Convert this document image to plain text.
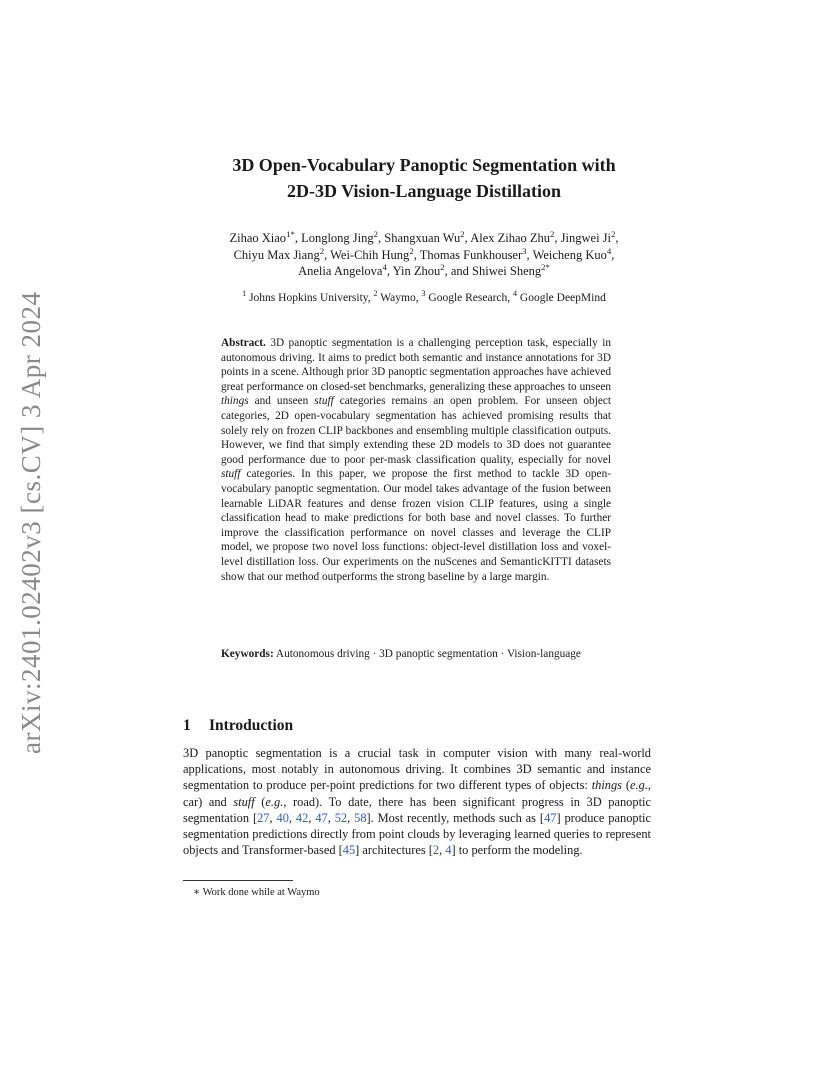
arXiv:2401.02402v3 [cs.CV] 3 Apr 2024
3D Open-Vocabulary Panoptic Segmentation with
2D-3D Vision-Language Distillation
Zihao Xiao$^{1*}$, Longlong Jing$^2$, Shangxuan Wu$^2$, Alex Zihao Zhu$^2$, Jingwei Ji$^2$,
Chiyu Max Jiang$^2$, Wei-Chih Hung$^2$, Thomas Funkhouser$^3$, Weicheng Kuo$^4$,
Anelia Angelova$^4$, Yin Zhou$^2$, and Shiwei Sheng$^{2*}$
$^1$ Johns Hopkins University, $^2$ Waymo, $^3$ Google Research, $^4$ Google DeepMind
Abstract. 3D panoptic segmentation is a challenging perception task, especially in autonomous driving. It aims to predict both semantic and instance annotations for 3D points in a scene. Although prior 3D panoptic segmentation approaches have achieved great performance on closed-set benchmarks, generalizing these approaches to unseen things and unseen stuff categories remains an open problem. For unseen object categories, 2D open-vocabulary segmentation has achieved promising results that solely rely on frozen CLIP backbones and ensembling multiple classification outputs. However, we find that simply extending these 2D models to 3D does not guarantee good performance due to poor per-mask classification quality, especially for novel stuff categories. In this paper, we propose the first method to tackle 3D open-vocabulary panoptic segmentation. Our model takes advantage of the fusion between learnable LiDAR features and dense frozen vision CLIP features, using a single classification head to make predictions for both base and novel classes. To further improve the classification performance on novel classes and leverage the CLIP model, we propose two novel loss functions: object-level distillation loss and voxel-level distillation loss. Our experiments on the nuScenes and SemanticKITTI datasets show that our method outperforms the strong baseline by a large margin.
Keywords: Autonomous driving · 3D panoptic segmentation · Vision-language
1 Introduction
3D panoptic segmentation is a crucial task in computer vision with many real-world applications, most notably in autonomous driving. It combines 3D semantic and instance segmentation to produce per-point predictions for two different types of objects: things (e.g., car) and stuff (e.g., road). To date, there has been significant progress in 3D panoptic segmentation [27, 40, 42, 47, 52, 58]. Most recently, methods such as [47] produce panoptic segmentation predictions directly from point clouds by leveraging learned queries to represent objects and Transformer-based [45] architectures [2, 4] to perform the modeling.
∗ Work done while at Waymo
